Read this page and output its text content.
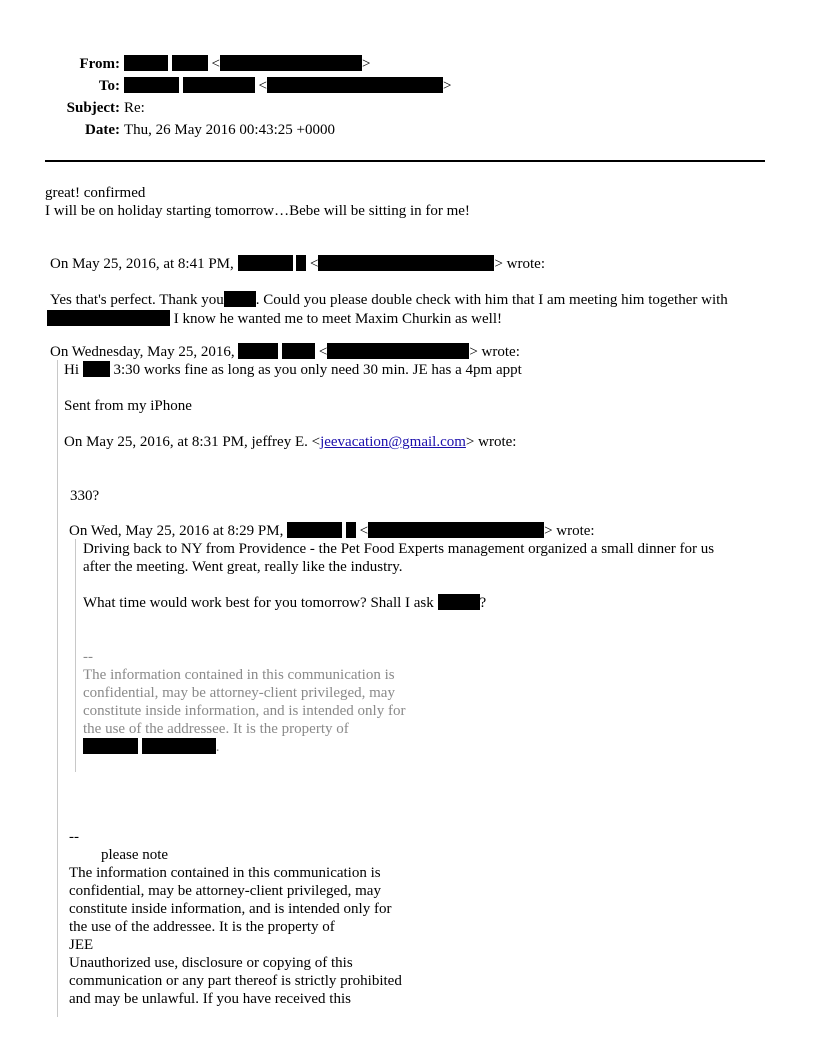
From:	<	>
To:	<	>
Subject: Re:
Date: Thu, 26 May 2016 00:43:25 +0000
great! confirmed
I will be on holiday starting tomorrow…Bebe will be sitting in for me!
On May 25, 2016, at 8:41 PM,	<	> wrote:
Yes that's perfect. Thank you . Could you please double check with him that I am meeting him together with
I know he wanted me to meet Maxim Churkin as well!
On Wednesday, May 25, 2016,	<	> wrote:
Hi  3:30 works fine as long as you only need 30 min. JE has a 4pm appt
Sent from my iPhone
On May 25, 2016, at 8:31 PM, jeffrey E. <jeevacation@gmail.com> wrote:
330?
On Wed, May 25, 2016 at 8:29 PM,	<	> wrote:
Driving back to NY from Providence - the Pet Food Experts management organized a small dinner for us
after the meeting. Went great, really like the industry.
What time would work best for you tomorrow? Shall I ask	?
--
The information contained in this communication is
confidential, may be attorney-client privileged, may
constitute inside information, and is intended only for
the use of the addressee. It is the property of
.
--
please note
The information contained in this communication is
confidential, may be attorney-client privileged, may
constitute inside information, and is intended only for
the use of the addressee. It is the property of
JEE
Unauthorized use, disclosure or copying of this
communication or any part thereof is strictly prohibited
and may be unlawful. If you have received this
